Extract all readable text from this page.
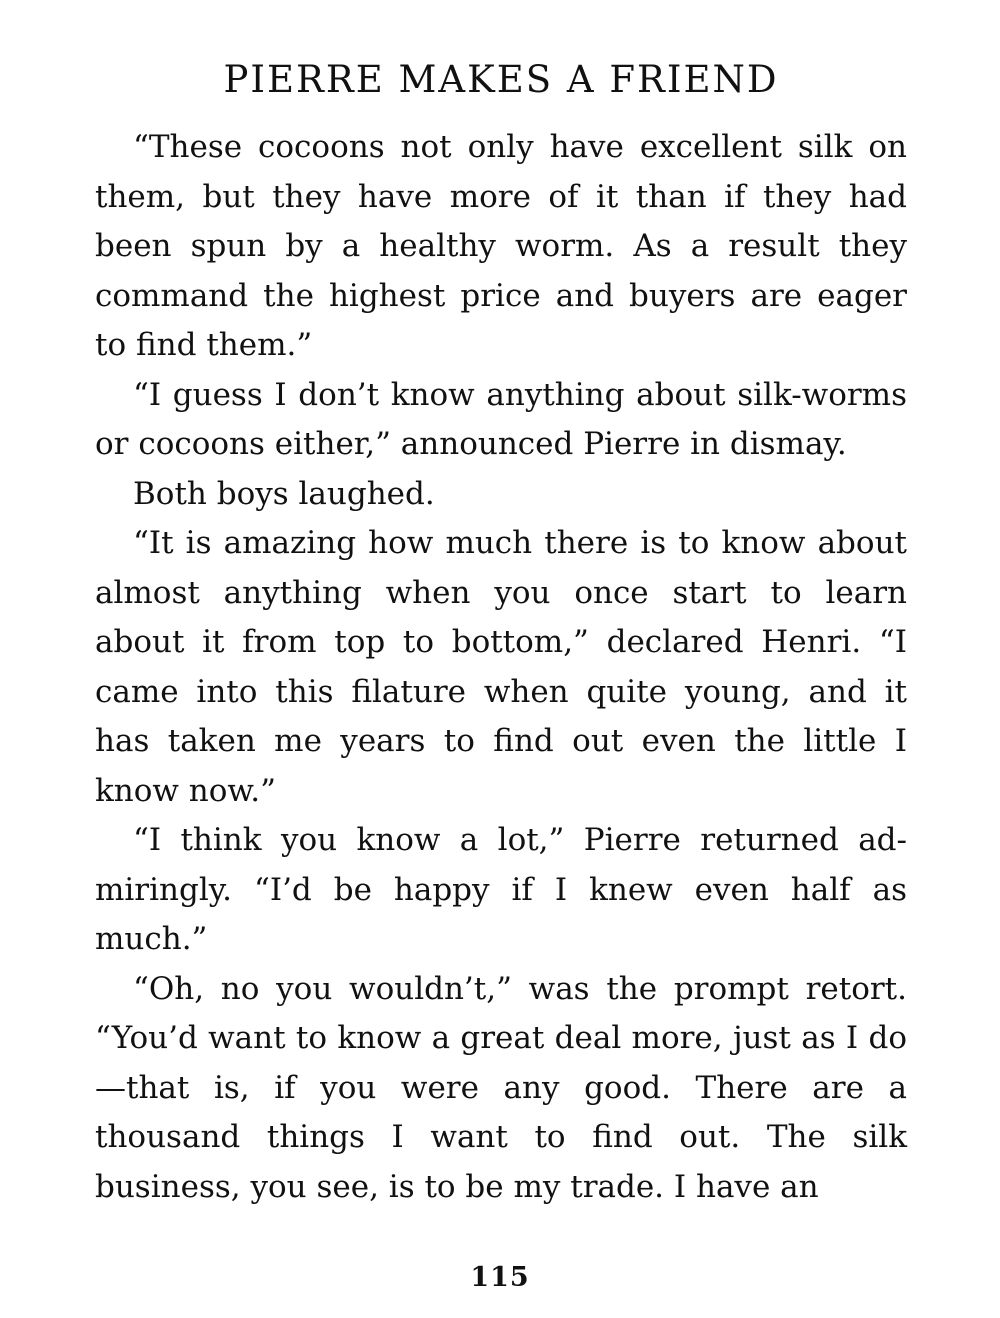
PIERRE MAKES A FRIEND

“These cocoons not only have excellent silk on them, but they have more of it than if they had been spun by a healthy worm. As a result they command the highest price and buyers are eager to find them.”

“I guess I don’t know anything about silk-worms or cocoons either,” announced Pierre in dismay.

Both boys laughed.

“It is amazing how much there is to know about almost anything when you once start to learn about it from top to bottom,” declared Henri. “I came into this filature when quite young, and it has taken me years to find out even the little I know now.”

“I think you know a lot,” Pierre returned ad-miringly. “I’d be happy if I knew even half as much.”

“Oh, no you wouldn’t,” was the prompt retort. “You’d want to know a great deal more, just as I do—that is, if you were any good. There are a thousand things I want to find out. The silk business, you see, is to be my trade. I have an

115
